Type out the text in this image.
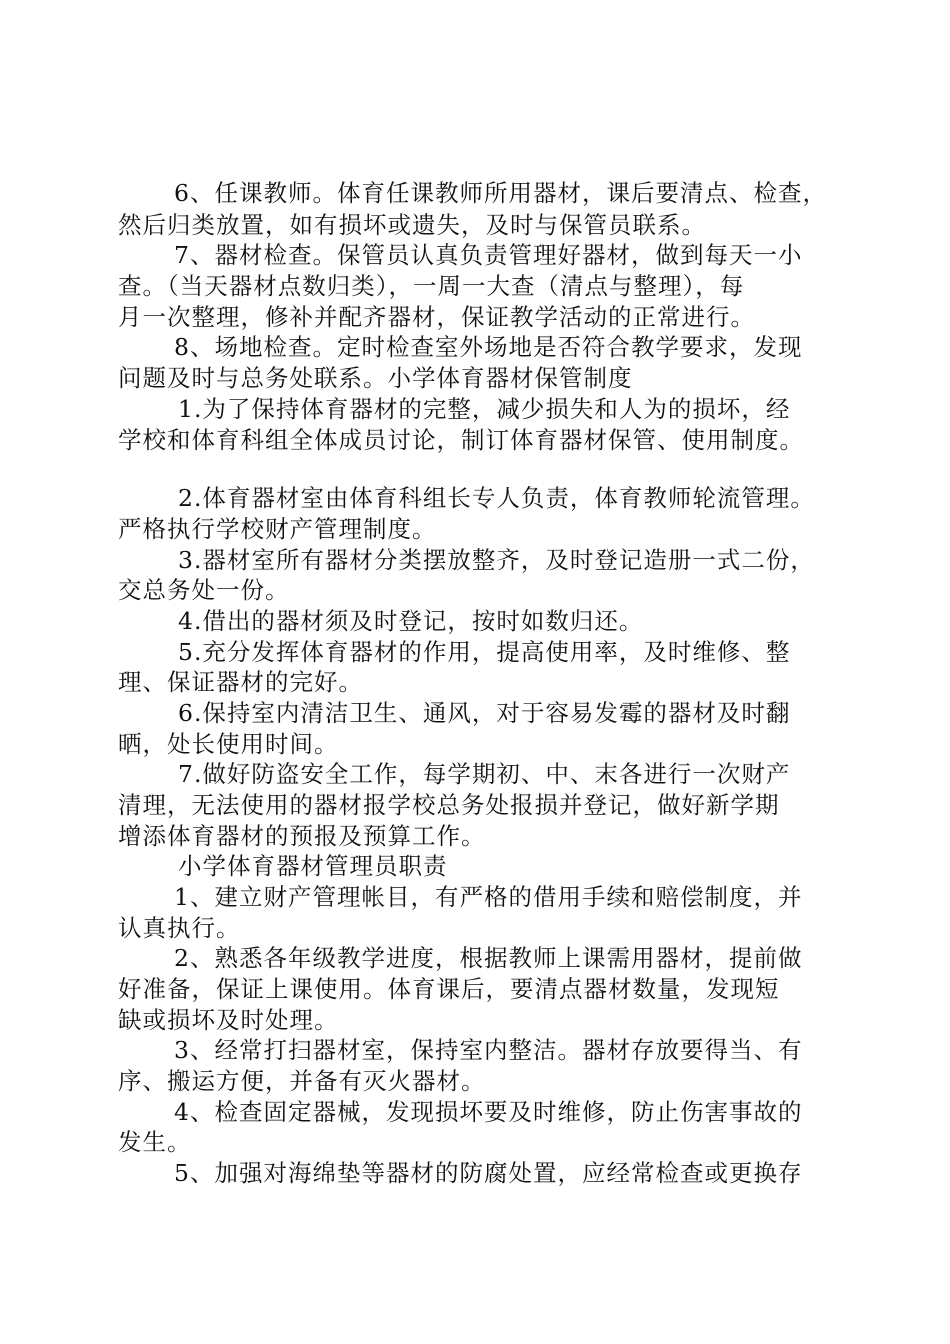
6、任课教师。体育任课教师所用器材，课后要清点、检查，
然后归类放置，如有损坏或遗失，及时与保管员联系。
7、器材检查。保管员认真负责管理好器材，做到每天一小
查。（当天器材点数归类），一周一大查（清点与整理），每
月一次整理，修补并配齐器材，保证教学活动的正常进行。
8、场地检查。定时检查室外场地是否符合教学要求，发现
问题及时与总务处联系。小学体育器材保管制度
1.为了保持体育器材的完整，减少损失和人为的损坏，经
学校和体育科组全体成员讨论，制订体育器材保管、使用制度。
2.体育器材室由体育科组长专人负责，体育教师轮流管理。
严格执行学校财产管理制度。
3.器材室所有器材分类摆放整齐，及时登记造册一式二份，
交总务处一份。
4.借出的器材须及时登记，按时如数归还。
5.充分发挥体育器材的作用，提高使用率，及时维修、整
理、保证器材的完好。
6.保持室内清洁卫生、通风，对于容易发霉的器材及时翻
晒，处长使用时间。
7.做好防盗安全工作，每学期初、中、末各进行一次财产
清理，无法使用的器材报学校总务处报损并登记，做好新学期
增添体育器材的预报及预算工作。
小学体育器材管理员职责
1、建立财产管理帐目，有严格的借用手续和赔偿制度，并
认真执行。
2、熟悉各年级教学进度，根据教师上课需用器材，提前做
好准备，保证上课使用。体育课后，要清点器材数量，发现短
缺或损坏及时处理。
3、经常打扫器材室，保持室内整洁。器材存放要得当、有
序、搬运方便，并备有灭火器材。
4、检查固定器械，发现损坏要及时维修，防止伤害事故的
发生。
5、加强对海绵垫等器材的防腐处置，应经常检查或更换存
